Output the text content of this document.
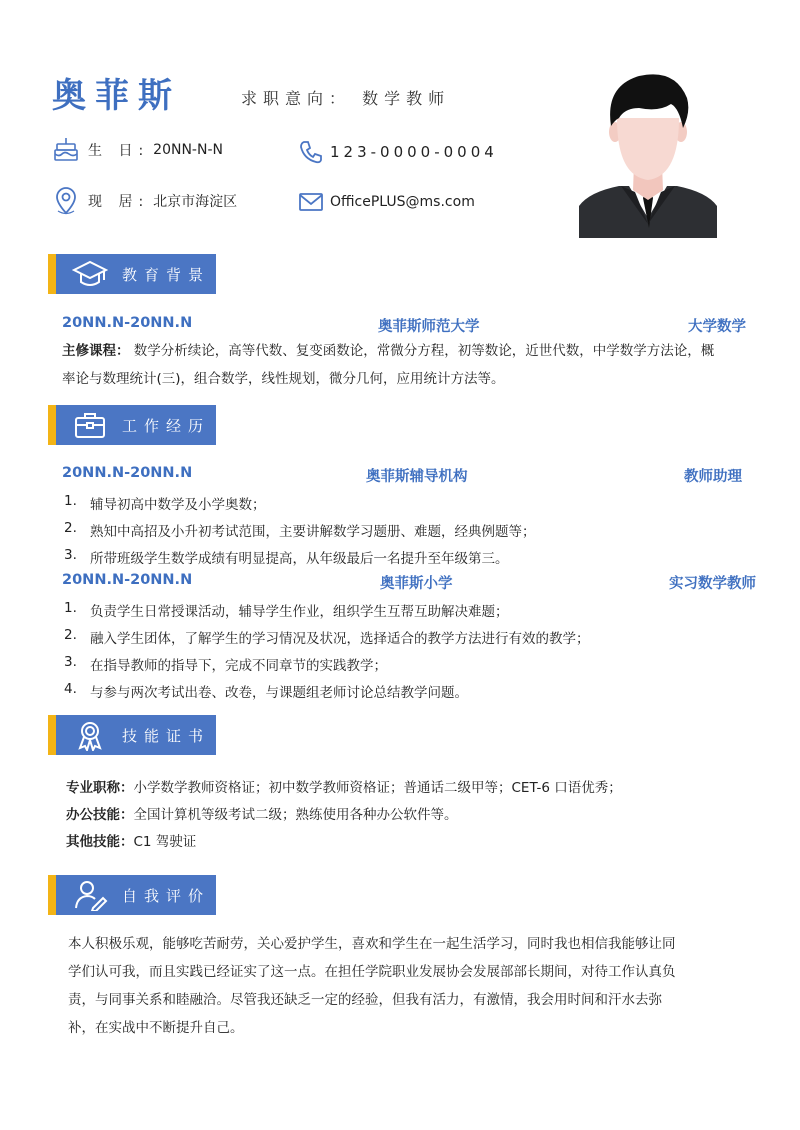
奥菲斯	求职意向： 数学教师
生 日: 20NN-N-N	123-0000-0004
现 居: 北京市海淀区	OfficePLUS@ms.com
教育背景
20NN.N-20NN.N	奥菲斯师范大学	大学数学
主修课程： 数学分析续论，高等代数、复变函数论，常微分方程，初等数论，近世代数，中学数学方法论，概
率论与数理统计(三)，组合数学，线性规划，微分几何，应用统计方法等。
工作经历
20NN.N-20NN.N	奥菲斯辅导机构	教师助理
1. 辅导初高中数学及小学奥数；
2. 熟知中高招及小升初考试范围，主要讲解数学习题册、难题，经典例题等；
3. 所带班级学生数学成绩有明显提高，从年级最后一名提升至年级第三。
20NN.N-20NN.N	奥菲斯小学	实习数学教师
1. 负责学生日常授课活动，辅导学生作业，组织学生互帮互助解决难题；
2. 融入学生团体，了解学生的学习情况及状况，选择适合的教学方法进行有效的教学；
3. 在指导教师的指导下，完成不同章节的实践教学；
4. 与参与两次考试出卷、改卷，与课题组老师讨论总结教学问题。
技能证书
专业职称： 小学数学教师资格证；初中数学教师资格证；普通话二级甲等；CET-6 口语优秀；
办公技能： 全国计算机等级考试二级；熟练使用各种办公软件等。
其他技能： C1 驾驶证
自我评价
本人积极乐观，能够吃苦耐劳，关心爱护学生，喜欢和学生在一起生活学习，同时我也相信我能够让同
学们认可我，而且实践已经证实了这一点。在担任学院职业发展协会发展部部长期间，对待工作认真负
责，与同事关系和睦融洽。尽管我还缺乏一定的经验，但我有活力，有激情，我会用时间和汗水去弥
补，在实战中不断提升自己。
